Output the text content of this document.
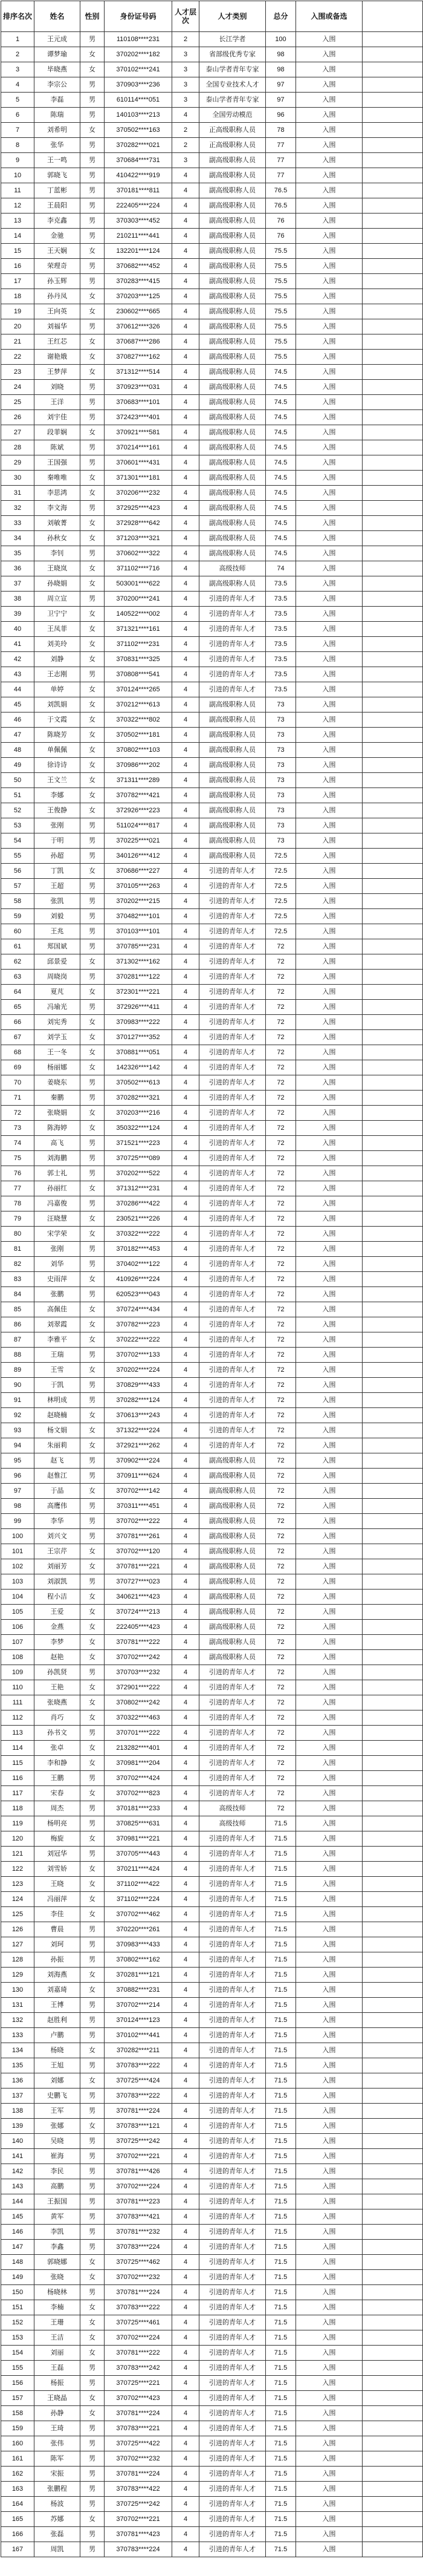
排序名次	姓名	性别	身份证号码	人才层次	人才类别	总分	入围或备选	
1	王元成	男	110108****231	2	长江学者	100	入围	
2	谭梦瑜	女	370202****182	3	省部级优秀专家	98	入围	
3	毕晓燕	女	370102****241	3	泰山学者青年专家	98	入围	
4	李宗公	男	370903****236	3	全国专业技术人才	97	入围	
5	李磊	男	610114****051	3	泰山学者青年专家	97	入围	
6	陈瑞	男	140103****213	4	全国劳动模范	96	入围	
7	刘希明	女	370502****163	2	正高级职称人员	78	入围	
8	张华	男	370282****021	2	正高级职称人员	77	入围	
9	王一鸣	男	370684****731	3	副高级职称人员	77	入围	
10	郭晓飞	男	410422****919	4	副高级职称人员	77	入围	
11	丁蓝彬	男	370181****811	4	副高级职称人员	76.5	入围	
12	王晨阳	男	222405****224	4	副高级职称人员	76.5	入围	
13	李克鑫	男	370303****452	4	副高级职称人员	76	入围	
14	金驰	男	210211****441	4	副高级职称人员	76	入围	
15	王天娴	女	132201****124	4	副高级职称人员	75.5	入围	
16	荣理奇	男	370682****452	4	副高级职称人员	75.5	入围	
17	孙玉辉	男	370283****415	4	副高级职称人员	75.5	入围	
18	孙丹凤	女	370203****125	4	副高级职称人员	75.5	入围	
19	王向英	女	230602****665	4	副高级职称人员	75.5	入围	
20	刘福华	男	370612****326	4	副高级职称人员	75.5	入围	
21	王红芯	女	370687****286	4	副高级职称人员	75.5	入围	
22	谢艳娥	女	370827****162	4	副高级职称人员	75.5	入围	
23	王梦萍	女	371312****514	4	副高级职称人员	74.5	入围	
24	刘晓	男	370923****031	4	副高级职称人员	74.5	入围	
25	王洋	男	370683****101	4	副高级职称人员	74.5	入围	
26	刘宇佳	男	372423****401	4	副高级职称人员	74.5	入围	
27	段菲娴	女	370921****581	4	副高级职称人员	74.5	入围	
28	陈斌	男	370214****161	4	副高级职称人员	74.5	入围	
29	王国强	男	370601****431	4	副高级职称人员	74.5	入围	
30	秦唯唯	女	371301****181	4	副高级职称人员	74.5	入围	
31	李思鸿	女	370206****232	4	副高级职称人员	74.5	入围	
32	李文海	男	372925****423	4	副高级职称人员	74.5	入围	
33	刘敏菁	女	372928****642	4	副高级职称人员	74.5	入围	
34	孙秋女	女	371203****321	4	副高级职称人员	74.5	入围	
35	李钊	男	370602****322	4	副高级职称人员	74.5	入围	
36	王晓岚	女	371102****716	4	高级技师	74	入围	
37	孙晓娟	女	503001****622	4	副高级职称人员	73.5	入围	
38	周立宣	男	370200****241	4	引进的青年人才	73.5	入围	
39	卫宁宁	女	140522****002	4	引进的青年人才	73.5	入围	
40	王凤菲	女	371321****161	4	引进的青年人才	73.5	入围	
41	刘美玲	女	371102****231	4	引进的青年人才	73.5	入围	
42	刘静	女	370831****325	4	引进的青年人才	73.5	入围	
43	王志刚	男	370808****541	4	引进的青年人才	73.5	入围	
44	单婷	女	370124****265	4	引进的青年人才	73.5	入围	
45	刘凯娟	女	370212****613	4	副高级职称人员	73	入围	
46	于文霞	女	370322****802	4	副高级职称人员	73	入围	
47	陈晓芳	女	370502****181	4	副高级职称人员	73	入围	
48	单佩佩	女	370802****103	4	副高级职称人员	73	入围	
49	徐诗诗	女	370986****202	4	副高级职称人员	73	入围	
50	王文兰	女	371311****289	4	副高级职称人员	73	入围	
51	李娜	女	370782****421	4	副高级职称人员	73	入围	
52	王俊静	女	372926****223	4	副高级职称人员	73	入围	
53	张刚	男	511024****817	4	副高级职称人员	73	入围	
54	于明	男	370225****021	4	副高级职称人员	73	入围	
55	孙超	男	340126****412	4	副高级职称人员	72.5	入围	
56	丁凯	女	370686****227	4	引进的青年人才	72.5	入围	
57	王超	男	370105****263	4	引进的青年人才	72.5	入围	
58	张凯	男	370202****215	4	引进的青年人才	72.5	入围	
59	刘毅	男	370482****101	4	引进的青年人才	72.5	入围	
60	王兆	男	370103****101	4	引进的青年人才	72.5	入围	
61	郑国斌	男	370785****231	4	引进的青年人才	72	入围	
62	邱景爱	女	371302****162	4	引进的青年人才	72	入围	
63	周晓岗	男	370281****122	4	引进的青年人才	72	入围	
64	夏芃	女	372301****221	4	引进的青年人才	72	入围	
65	冯瑜光	男	372926****411	4	引进的青年人才	72	入围	
66	刘宪秀	女	370983****222	4	引进的青年人才	72	入围	
67	刘学玉	女	370127****352	4	引进的青年人才	72	入围	
68	王一冬	女	370881****051	4	引进的青年人才	72	入围	
69	杨丽娜	女	142326****142	4	引进的青年人才	72	入围	
70	姜晓东	男	370502****613	4	引进的青年人才	72	入围	
71	秦鹏	男	370282****321	4	引进的青年人才	72	入围	
72	张晓娟	女	370203****216	4	引进的青年人才	72	入围	
73	陈海婷	女	350322****124	4	引进的青年人才	72	入围	
74	高飞	男	371521****223	4	引进的青年人才	72	入围	
75	刘海鹏	男	370725****089	4	引进的青年人才	72	入围	
76	郭士礼	男	370202****522	4	引进的青年人才	72	入围	
77	孙丽红	女	371312****231	4	引进的青年人才	72	入围	
78	冯嘉俊	男	370286****422	4	引进的青年人才	72	入围	
79	汪晓慧	女	230521****226	4	引进的青年人才	72	入围	
80	宋学荣	女	370322****222	4	引进的青年人才	72	入围	
81	张刚	男	370182****453	4	引进的青年人才	72	入围	
82	刘华	男	370402****122	4	引进的青年人才	72	入围	
83	史雨萍	女	410926****224	4	引进的青年人才	72	入围	
84	张鹏	男	620523****043	4	引进的青年人才	72	入围	
85	高佩佳	女	370724****434	4	引进的青年人才	72	入围	
86	刘翠霞	女	370782****223	4	引进的青年人才	72	入围	
87	李雅平	女	370222****222	4	引进的青年人才	72	入围	
88	王瑞	男	370702****133	4	引进的青年人才	72	入围	
89	王雪	女	370202****224	4	引进的青年人才	72	入围	
90	于凯	男	370829****433	4	引进的青年人才	72	入围	
91	林明成	男	370282****124	4	引进的青年人才	72	入围	
92	赵晓楠	女	370613****243	4	引进的青年人才	72	入围	
93	杨文娟	女	371322****224	4	引进的青年人才	72	入围	
94	朱丽莉	女	372921****262	4	引进的青年人才	72	入围	
95	赵飞	男	370902****224	4	副高级职称人员	72	入围	
96	赵惟江	男	370911****624	4	副高级职称人员	72	入围	
97	于晶	女	370702****142	4	副高级职称人员	72	入围	
98	高鹰伟	男	370311****451	4	副高级职称人员	72	入围	
99	李华	男	370702****222	4	副高级职称人员	72	入围	
100	刘兴文	男	370781****261	4	副高级职称人员	72	入围	
101	王宗芹	女	370702****120	4	副高级职称人员	72	入围	
102	刘丽芳	女	370781****221	4	副高级职称人员	72	入围	
103	刘淑凯	男	370727****023	4	副高级职称人员	72	入围	
104	程小洁	女	340621****423	4	副高级职称人员	72	入围	
105	王爱	女	370724****213	4	副高级职称人员	72	入围	
106	金燕	女	222405****423	4	副高级职称人员	72	入围	
107	李梦	女	370781****222	4	副高级职称人员	72	入围	
108	赵艳	女	370702****242	4	副高级职称人员	72	入围	
109	孙凯贤	男	370703****232	4	引进的青年人才	72	入围	
110	王艳	女	372901****222	4	引进的青年人才	72	入围	
111	张晓燕	女	370802****242	4	引进的青年人才	72	入围	
112	肖巧	女	370322****463	4	引进的青年人才	72	入围	
113	孙书文	男	370701****222	4	引进的青年人才	72	入围	
114	张卓	女	213282****401	4	引进的青年人才	72	入围	
115	李和静	女	370981****204	4	引进的青年人才	72	入围	
116	王鹏	男	370702****424	4	引进的青年人才	72	入围	
117	宋春	女	370702****823	4	引进的青年人才	72	入围	
118	周杰	男	370181****233	4	高级技师	72	入围	
119	杨明亮	男	370825****631	4	高级技师	71.5	入围	
120	梅旋	女	370981****221	4	引进的青年人才	71.5	入围	
121	刘冠华	男	370705****443	4	引进的青年人才	71.5	入围	
122	刘雪娇	女	370211****424	4	引进的青年人才	71.5	入围	
123	王晓	女	371102****422	4	引进的青年人才	71.5	入围	
124	冯丽萍	女	371102****224	4	引进的青年人才	71.5	入围	
125	李佳	女	370702****462	4	引进的青年人才	71.5	入围	
126	曹晨	男	370220****261	4	引进的青年人才	71.5	入围	
127	刘珂	男	370983****433	4	引进的青年人才	71.5	入围	
128	孙振	男	370802****162	4	引进的青年人才	71.5	入围	
129	刘海燕	女	370281****121	4	引进的青年人才	71.5	入围	
130	刘嘉琦	女	370882****231	4	引进的青年人才	71.5	入围	
131	王博	男	370702****214	4	引进的青年人才	71.5	入围	
132	赵胜利	男	370124****123	4	引进的青年人才	71.5	入围	
133	卢鹏	男	370102****441	4	引进的青年人才	71.5	入围	
134	杨晓	女	370282****211	4	引进的青年人才	71.5	入围	
135	王旭	男	370783****222	4	引进的青年人才	71.5	入围	
136	刘娜	女	370725****424	4	引进的青年人才	71.5	入围	
137	史鹏飞	男	370783****222	4	引进的青年人才	71.5	入围	
138	王军	男	370781****224	4	引进的青年人才	71.5	入围	
139	张娜	女	370783****121	4	引进的青年人才	71.5	入围	
140	吴晓	男	370725****242	4	引进的青年人才	71.5	入围	
141	崔海	男	370702****221	4	引进的青年人才	71.5	入围	
142	李民	男	370781****426	4	引进的青年人才	71.5	入围	
143	高鹏	男	370702****224	4	引进的青年人才	71.5	入围	
144	王振国	男	370781****223	4	引进的青年人才	71.5	入围	
145	黄军	男	370783****421	4	引进的青年人才	71.5	入围	
146	李凯	男	370781****232	4	引进的青年人才	71.5	入围	
147	李鑫	男	370783****224	4	引进的青年人才	71.5	入围	
148	郭晓娜	女	370725****462	4	引进的青年人才	71.5	入围	
149	张晓	女	370702****232	4	引进的青年人才	71.5	入围	
150	杨晓林	男	370781****224	4	引进的青年人才	71.5	入围	
151	李楠	女	370783****222	4	引进的青年人才	71.5	入围	
152	王珊	女	370725****461	4	引进的青年人才	71.5	入围	
153	王洁	女	370702****224	4	引进的青年人才	71.5	入围	
154	刘丽	女	370781****222	4	引进的青年人才	71.5	入围	
155	王磊	男	370783****242	4	引进的青年人才	71.5	入围	
156	杨振	男	370725****221	4	引进的青年人才	71.5	入围	
157	王晓晶	女	370702****423	4	引进的青年人才	71.5	入围	
158	孙静	女	370781****224	4	引进的青年人才	71.5	入围	
159	王琦	男	370783****221	4	引进的青年人才	71.5	入围	
160	张伟	男	370725****422	4	引进的青年人才	71.5	入围	
161	陈军	男	370702****232	4	引进的青年人才	71.5	入围	
162	宋振	男	370781****224	4	引进的青年人才	71.5	入围	
163	张鹏程	男	370783****422	4	引进的青年人才	71.5	入围	
164	杨波	男	370725****242	4	引进的青年人才	71.5	入围	
165	苏娜	女	370702****221	4	引进的青年人才	71.5	入围	
166	张磊	男	370781****423	4	引进的青年人才	71.5	入围	
167	周凯	男	370783****224	4	引进的青年人才	71.5	入围	
